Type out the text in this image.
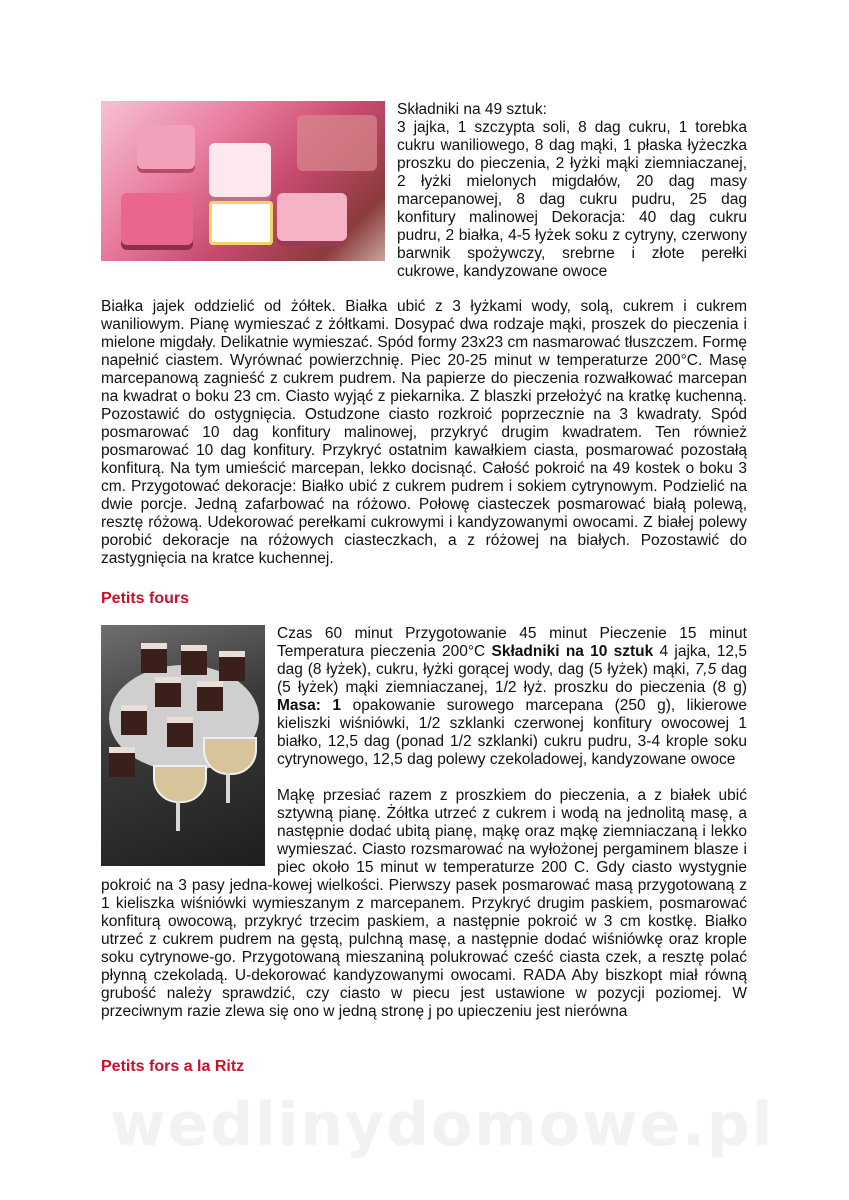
Składniki na 49 sztuk:

3 jajka, 1 szczypta soli, 8 dag cukru, 1 torebka cukru waniliowego, 8 dag mąki, 1 płaska łyżeczka proszku do pieczenia, 2 łyżki mąki ziemniaczanej, 2 łyżki mielonych migdałów, 20 dag masy marcepanowej, 8 dag cukru pudru, 25 dag konfitury malinowej Dekoracja: 40 dag cukru pudru, 2 białka, 4-5 łyżek soku z cytryny, czerwony barwnik spożywczy, srebrne i złote perełki cukrowe, kandyzowane owoce

Białka jajek oddzielić od żółtek. Białka ubić z 3 łyżkami wody, solą, cukrem i cukrem waniliowym. Pianę wymieszać z żółtkami. Dosypać dwa rodzaje mąki, proszek do pieczenia i mielone migdały. Delikatnie wymieszać. Spód formy 23x23 cm nasmarować tłuszczem. Formę napełnić ciastem. Wyrównać powierzchnię. Piec 20-25 minut w temperaturze 200°C. Masę marcepanową zagnieść z cukrem pudrem. Na papierze do pieczenia rozwałkować marcepan na kwadrat o boku 23 cm. Ciasto wyjąć z piekarnika. Z blaszki przełożyć na kratkę kuchenną. Pozostawić do ostygnięcia. Ostudzone ciasto rozkroić poprzecznie na 3 kwadraty. Spód posmarować 10 dag konfitury malinowej, przykryć drugim kwadratem. Ten również posmarować 10 dag konfitury. Przykryć ostatnim kawałkiem ciasta, posmarować pozostałą konfiturą. Na tym umieścić marcepan, lekko docisnąć. Całość pokroić na 49 kostek o boku 3 cm. Przygotować dekoracje: Białko ubić z cukrem pudrem i sokiem cytrynowym. Podzielić na dwie porcje. Jedną zafarbować na różowo. Połowę ciasteczek posmarować białą polewą, resztę różową. Udekorować perełkami cukrowymi i kandyzowanymi owocami. Z białej polewy porobić dekoracje na różowych ciasteczkach, a z różowej na białych. Pozostawić do zastygnięcia na kratce kuchennej.

Petits fours

Czas 60 minut Przygotowanie 45 minut Pieczenie 15 minut Temperatura pieczenia 200°C Składniki na 10 sztuk 4 jajka, 12,5 dag (8 łyżek), cukru, łyżki gorącej wody, dag (5 łyżek) mąki, 7,5 dag (5 łyżek) mąki ziemniaczanej, 1/2 łyż. proszku do pieczenia (8 g) Masa: 1 opakowanie surowego marcepana (250 g), likierowe kieliszki wiśniówki, 1/2 szklanki czerwonej konfitury owocowej 1 białko, 12,5 dag (ponad 1/2 szklanki) cukru pudru, 3-4 krople soku cytrynowego, 12,5 dag polewy czekoladowej, kandyzowane owoce

Mąkę przesiać razem z proszkiem do pieczenia, a z białek ubić sztywną pianę. Żółtka utrzeć z cukrem i wodą na jednolitą masę, a następnie dodać ubitą pianę, mąkę oraz mąkę ziemniaczaną i lekko wymieszać. Ciasto rozsmarować na wyłożonej pergaminem blasze i piec około 15 minut w temperaturze 200 C. Gdy ciasto wystygnie pokroić na 3 pasy jedna-kowej wielkości. Pierwszy pasek posmarować masą przygotowaną z 1 kieliszka wiśniówki wymieszanym z marcepanem. Przykryć drugim paskiem, posmarować konfiturą owocową, przykryć trzecim paskiem, a następnie pokroić w 3 cm kostkę. Białko utrzeć z cukrem pudrem na gęstą, pulchną masę, a następnie dodać wiśniówkę oraz krople soku cytrynowe-go. Przygotowaną mieszaniną polukrować cześć ciasta czek, a resztę polać płynną czekoladą. U-dekorować kandyzowanymi owocami. RADA Aby biszkopt miał równą grubość należy sprawdzić, czy ciasto w piecu jest ustawione w pozycji poziomej. W przeciwnym razie zlewa się ono w jedną stronę j po upieczeniu jest nierówna

Petits fors a la Ritz
wedlinydomowe.pl
